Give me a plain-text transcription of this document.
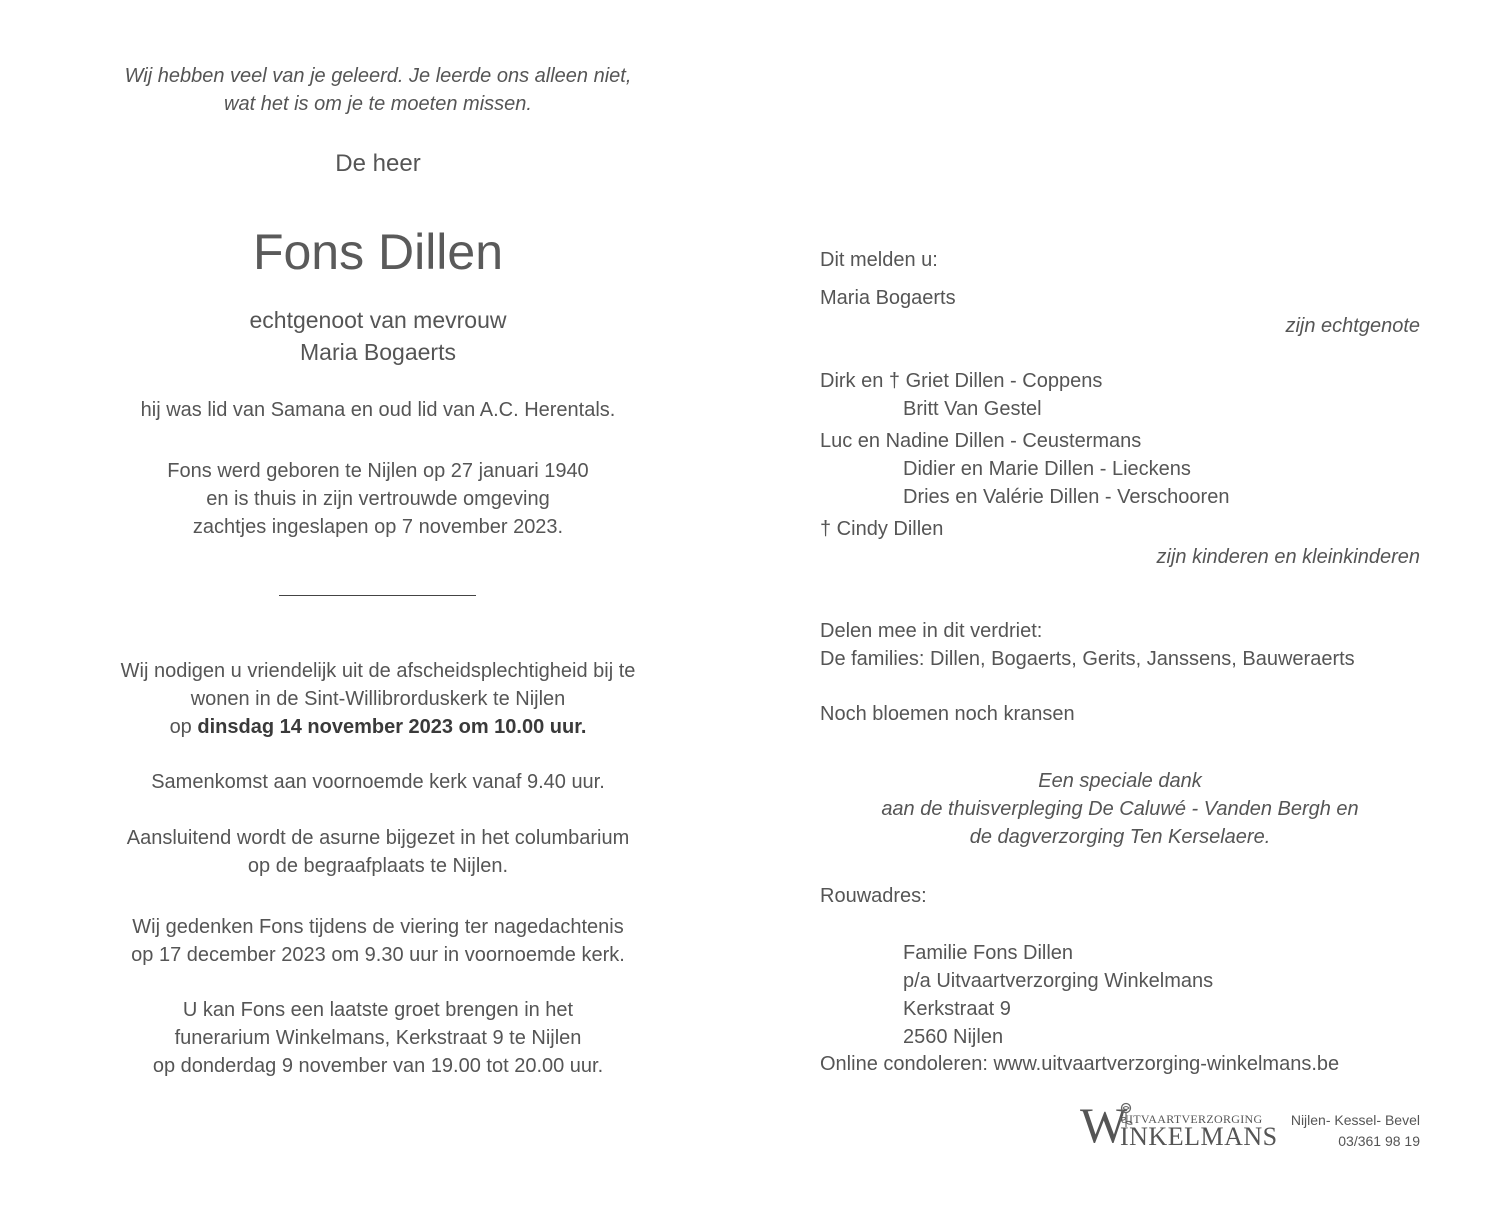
Wij hebben veel van je geleerd. Je leerde ons alleen niet,
wat het is om je te moeten missen.
De heer
Fons Dillen
echtgenoot van mevrouw
Maria Bogaerts
hij was lid van Samana en oud lid van A.C. Herentals.
Fons werd geboren te Nijlen op 27 januari 1940
en is thuis in zijn vertrouwde omgeving
zachtjes ingeslapen op 7 november 2023.
Wij nodigen u vriendelijk uit de afscheidsplechtigheid bij te
wonen in de Sint-Willibrorduskerk te Nijlen
op dinsdag 14 november 2023 om 10.00 uur.
Samenkomst aan voornoemde kerk vanaf 9.40 uur.
Aansluitend wordt de asurne bijgezet in het columbarium
op de begraafplaats te Nijlen.
Wij gedenken Fons tijdens de viering ter nagedachtenis
op 17 december 2023 om 9.30 uur in voornoemde kerk.
U kan Fons een laatste groet brengen in het
funerarium Winkelmans, Kerkstraat 9 te Nijlen
op donderdag 9 november van 19.00 tot 20.00 uur.
Dit melden u:
Maria Bogaerts
zijn echtgenote
Dirk en † Griet Dillen - Coppens
Britt Van Gestel
Luc en Nadine Dillen - Ceustermans
Didier en Marie Dillen - Lieckens
Dries en Valérie Dillen - Verschooren
† Cindy Dillen
zijn kinderen en kleinkinderen
Delen mee in dit verdriet:
De families: Dillen, Bogaerts, Gerits, Janssens, Bauweraerts
Noch bloemen noch kransen
Een speciale dank
aan de thuisverpleging De Caluwé - Vanden Bergh en
de dagverzorging Ten Kerselaere.
Rouwadres:
Familie Fons Dillen
p/a Uitvaartverzorging Winkelmans
Kerkstraat 9
2560 Nijlen
Online condoleren: www.uitvaartverzorging-winkelmans.be
W
UITVAARTVERZORGING
INKELMANS
Nijlen- Kessel- Bevel
03/361 98 19
